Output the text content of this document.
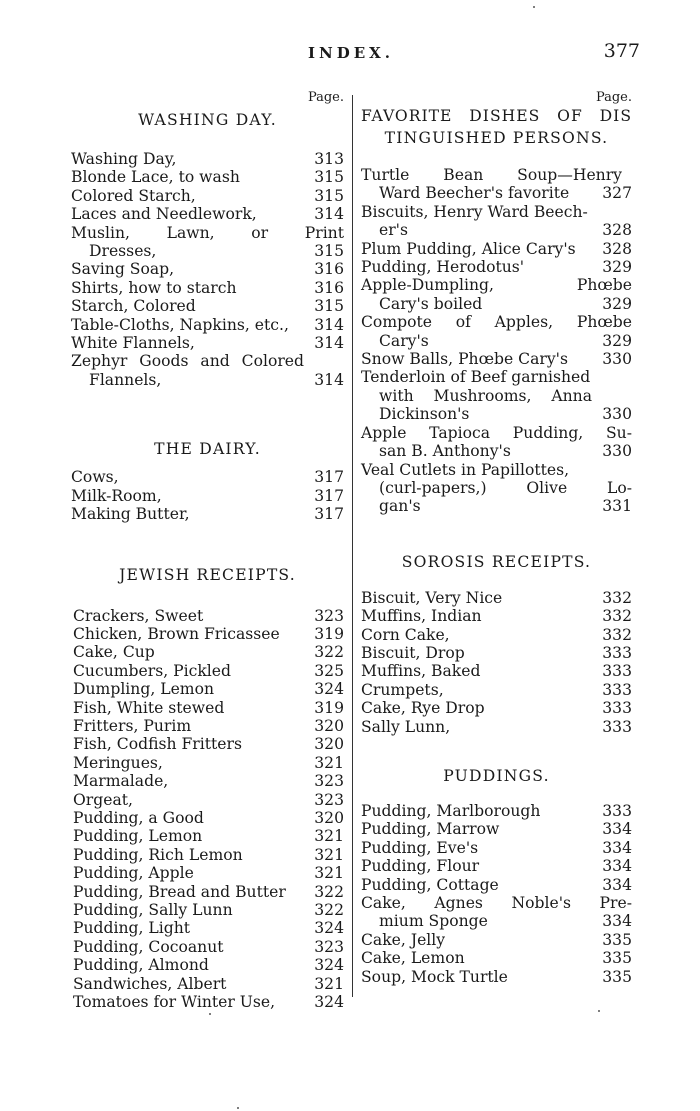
INDEX.	377
Page.
WASHING DAY.
Washing Day,	313
Blonde Lace, to wash	315
Colored Starch,	315
Laces and Needlework,	314
Muslin, Lawn, or Print
Dresses,	315
Saving Soap,	316
Shirts, how to starch	316
Starch, Colored	315
Table-Cloths, Napkins, etc.,	314
White Flannels,	314
Zephyr Goods and Colored
Flannels,	314
THE DAIRY.
Cows,	317
Milk-Room,	317
Making Butter,	317
JEWISH RECEIPTS.
Crackers, Sweet	323
Chicken, Brown Fricassee	319
Cake, Cup	322
Cucumbers, Pickled	325
Dumpling, Lemon	324
Fish, White stewed	319
Fritters, Purim	320
Fish, Codfish Fritters	320
Meringues,	321
Marmalade,	323
Orgeat,	323
Pudding, a Good	320
Pudding, Lemon	321
Pudding, Rich Lemon	321
Pudding, Apple	321
Pudding, Bread and Butter	322
Pudding, Sally Lunn	322
Pudding, Light	324
Pudding, Cocoanut	323
Pudding, Almond	324
Sandwiches, Albert	321
Tomatoes for Winter Use,	324
Page.
FAVORITE DISHES OF DIS
TINGUISHED PERSONS.
Turtle Bean Soup—Henry
Ward Beecher's favorite	327
Biscuits, Henry Ward Beech-
er's	328
Plum Pudding, Alice Cary's	328
Pudding, Herodotus'	329
Apple-Dumpling, Phœbe
Cary's boiled	329
Compote of Apples, Phœbe
Cary's	329
Snow Balls, Phœbe Cary's	330
Tenderloin of Beef garnished
with Mushrooms, Anna
Dickinson's	330
Apple Tapioca Pudding, Su-
san B. Anthony's	330
Veal Cutlets in Papillottes,
(curl-papers,) Olive Lo-
gan's	331
SOROSIS RECEIPTS.
Biscuit, Very Nice	332
Muffins, Indian	332
Corn Cake,	332
Biscuit, Drop	333
Muffins, Baked	333
Crumpets,	333
Cake, Rye Drop	333
Sally Lunn,	333
PUDDINGS.
Pudding, Marlborough	333
Pudding, Marrow	334
Pudding, Eve's	334
Pudding, Flour	334
Pudding, Cottage	334
Cake, Agnes Noble's Pre-
mium Sponge	334
Cake, Jelly	335
Cake, Lemon	335
Soup, Mock Turtle	335
